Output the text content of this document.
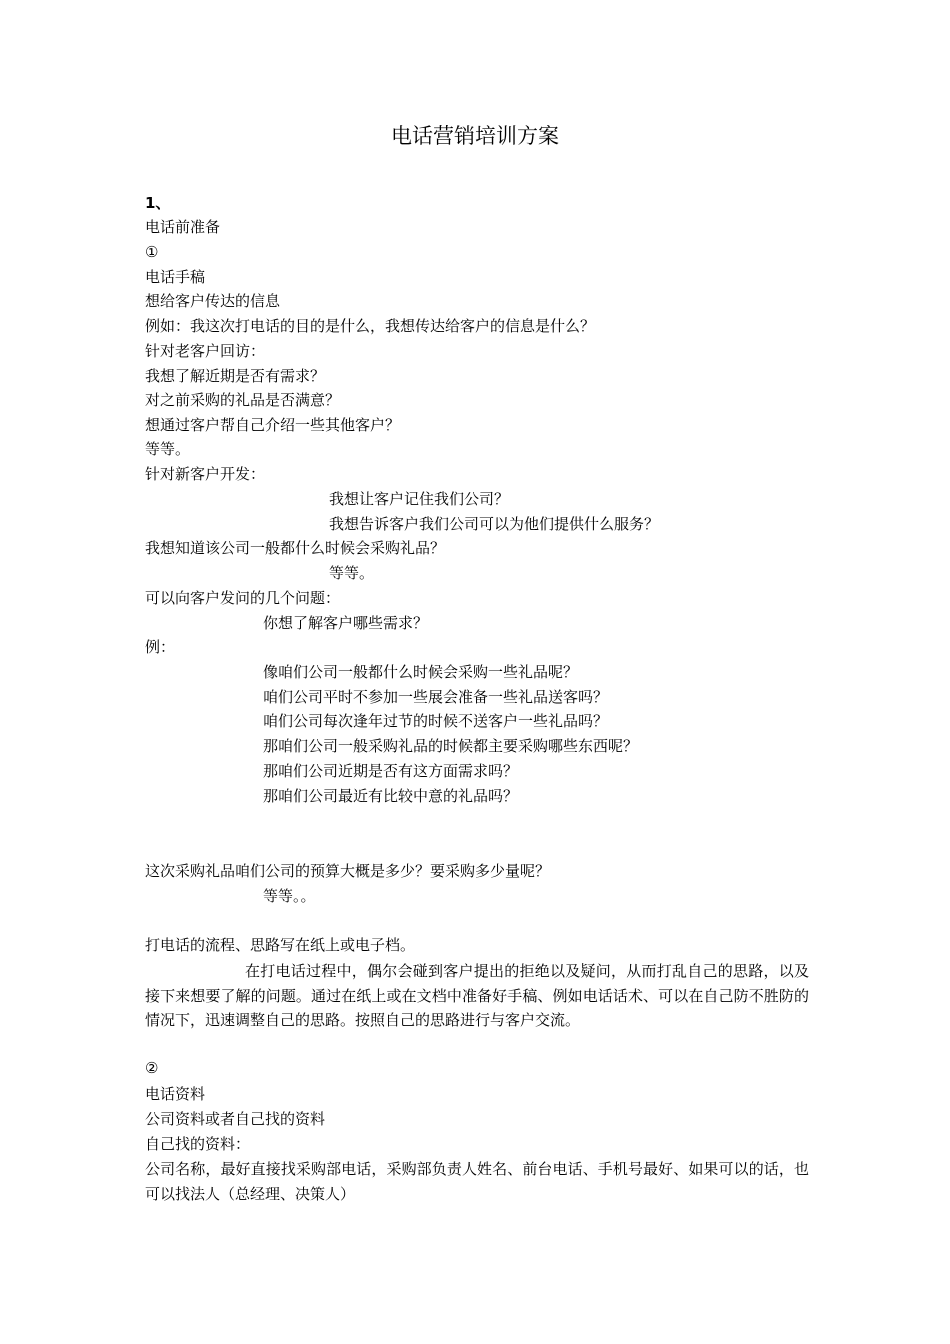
电话营销培训方案

1、

电话前准备

①

电话手稿

想给客户传达的信息

例如：我这次打电话的目的是什么，我想传达给客户的信息是什么？

针对老客户回访：

我想了解近期是否有需求？

对之前采购的礼品是否满意？

想通过客户帮自己介绍一些其他客户？

等等。

针对新客户开发：

我想让客户记住我们公司？

我想告诉客户我们公司可以为他们提供什么服务？

我想知道该公司一般都什么时候会采购礼品？

等等。

可以向客户发问的几个问题：

你想了解客户哪些需求？

例：

像咱们公司一般都什么时候会采购一些礼品呢？

咱们公司平时不参加一些展会准备一些礼品送客吗？

咱们公司每次逢年过节的时候不送客户一些礼品吗？

那咱们公司一般采购礼品的时候都主要采购哪些东西呢？

那咱们公司近期是否有这方面需求吗？

那咱们公司最近有比较中意的礼品吗？

这次采购礼品咱们公司的预算大概是多少？要采购多少量呢？

等等。。

打电话的流程、思路写在纸上或电子档。

在打电话过程中，偶尔会碰到客户提出的拒绝以及疑问，从而打乱自己的思路，以及接下来想要了解的问题。通过在纸上或在文档中准备好手稿、例如电话话术、可以在自己防不胜防的情况下，迅速调整自己的思路。按照自己的思路进行与客户交流。

②

电话资料

公司资料或者自己找的资料

自己找的资料：

公司名称，最好直接找采购部电话，采购部负责人姓名、前台电话、手机号最好、如果可以的话，也可以找法人（总经理、决策人）
